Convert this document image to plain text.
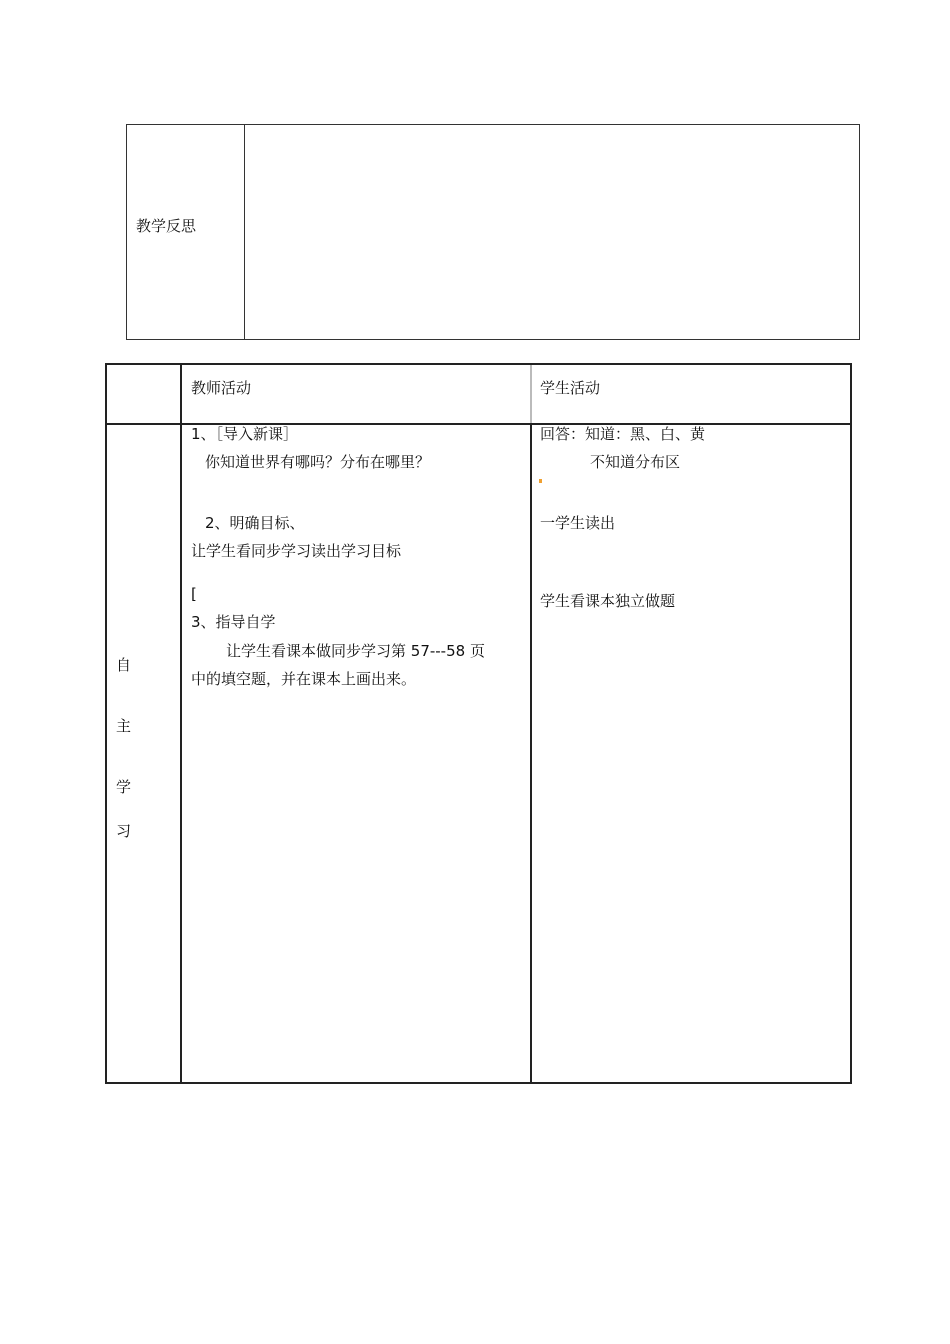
教学反思
教师活动	学生活动
自
主
学
习
1、［导入新课］
你知道世界有哪吗？分布在哪里？
2、明确目标、
让学生看同步学习读出学习目标
[
3、指导自学
让学生看课本做同步学习第 57---58 页
中的填空题，并在课本上画出来。
回答：知道：黑、白、黄
不知道分布区
一学生读出
学生看课本独立做题
